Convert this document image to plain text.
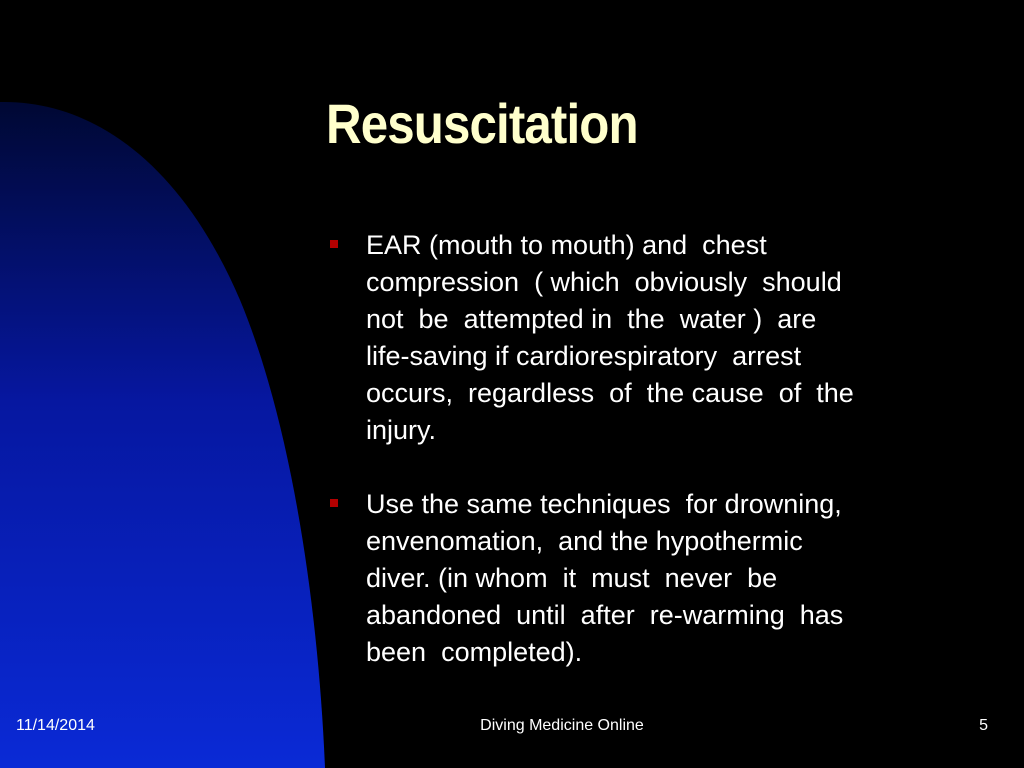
Resuscitation
EAR (mouth to mouth) and  chest
compression  ( which  obviously  should
not  be  attempted in  the  water )  are
life-saving if cardiorespiratory  arrest
occurs,  regardless  of  the cause  of  the
injury.
Use the same techniques  for drowning,
envenomation,  and the hypothermic
diver. (in whom  it  must  never  be
abandoned  until  after  re-warming  has
been  completed).
11/14/2014	Diving Medicine Online	5
